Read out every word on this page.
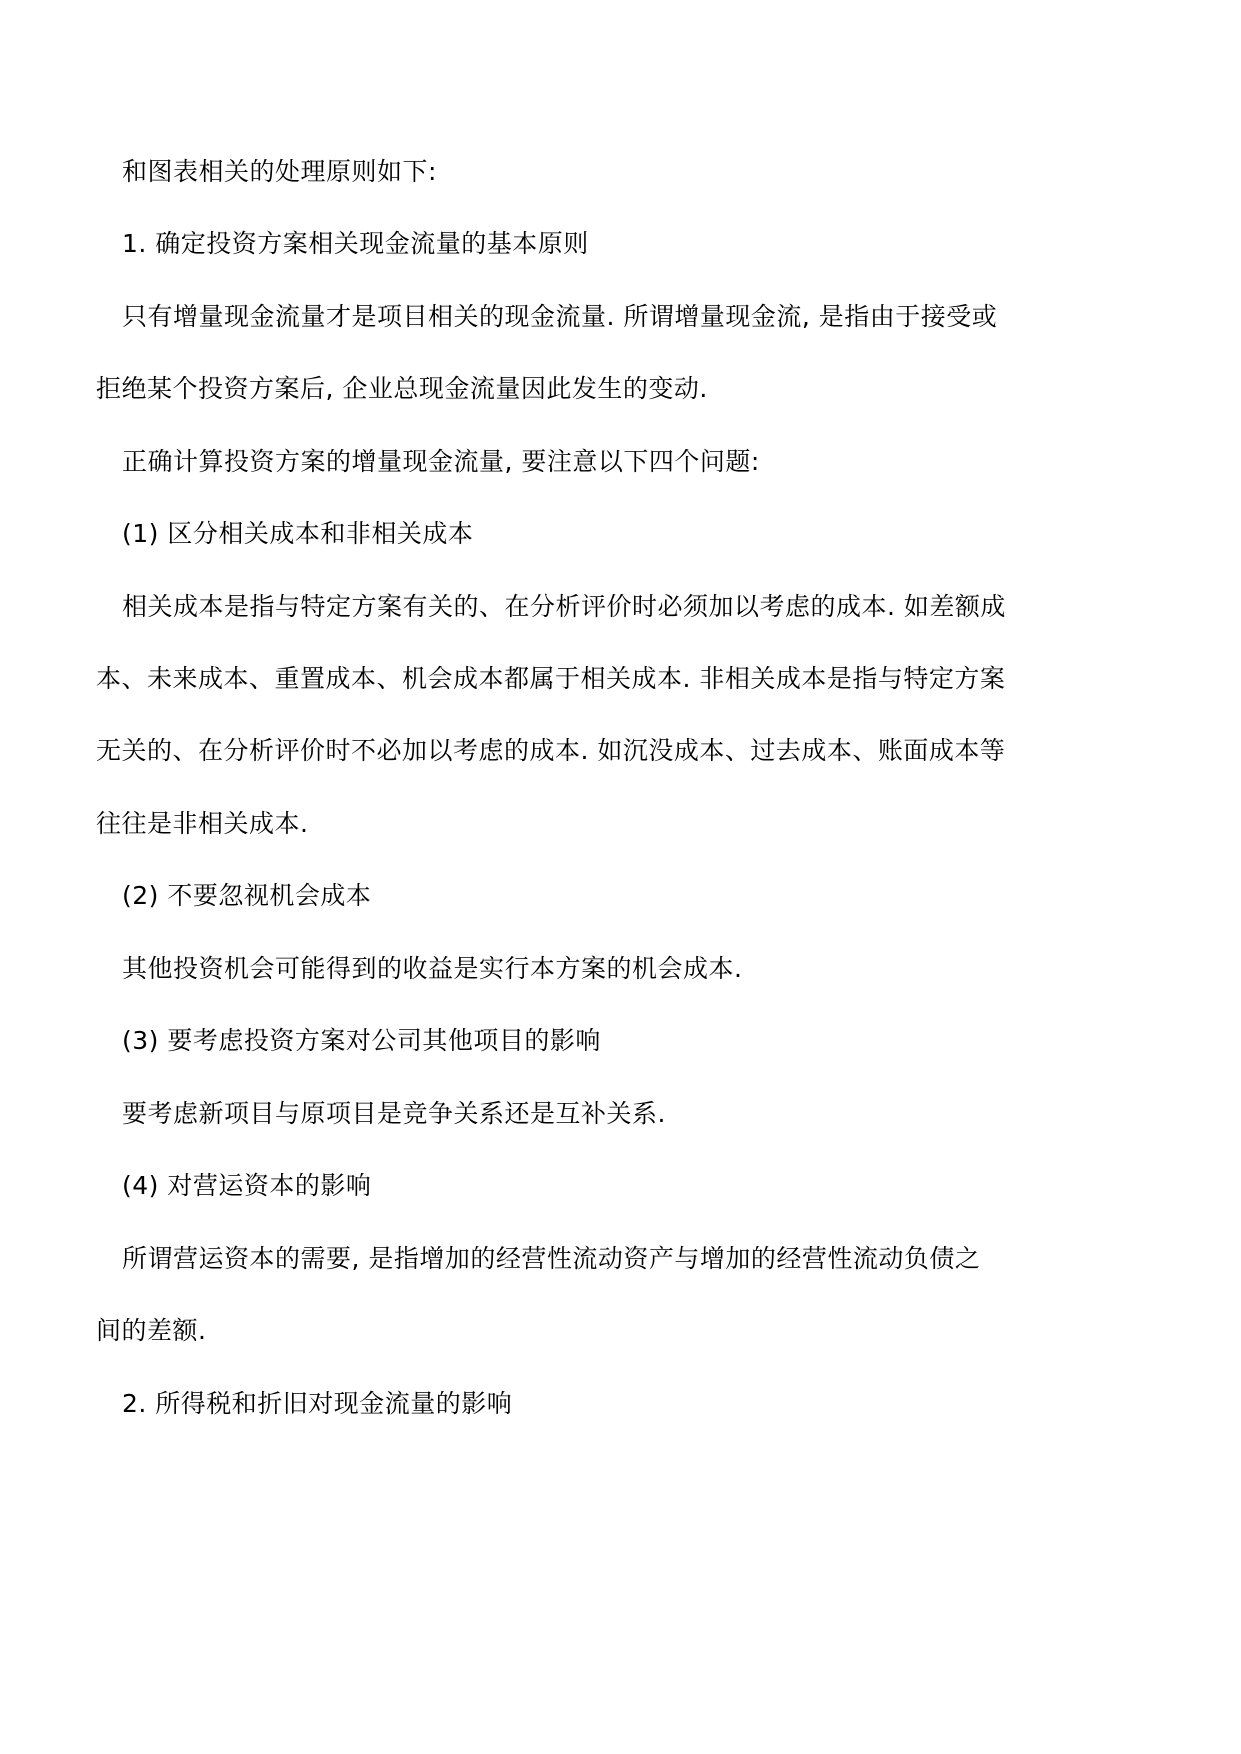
和图表相关的处理原则如下:
1. 确定投资方案相关现金流量的基本原则
只有增量现金流量才是项目相关的现金流量. 所谓增量现金流, 是指由于接受或
拒绝某个投资方案后, 企业总现金流量因此发生的变动.
正确计算投资方案的增量现金流量, 要注意以下四个问题:
(1) 区分相关成本和非相关成本
相关成本是指与特定方案有关的、在分析评价时必须加以考虑的成本. 如差额成
本、未来成本、重置成本、机会成本都属于相关成本. 非相关成本是指与特定方案
无关的、在分析评价时不必加以考虑的成本. 如沉没成本、过去成本、账面成本等
往往是非相关成本.
(2) 不要忽视机会成本
其他投资机会可能得到的收益是实行本方案的机会成本.
(3) 要考虑投资方案对公司其他项目的影响
要考虑新项目与原项目是竞争关系还是互补关系.
(4) 对营运资本的影响
所谓营运资本的需要, 是指增加的经营性流动资产与增加的经营性流动负债之
间的差额.
2. 所得税和折旧对现金流量的影响
